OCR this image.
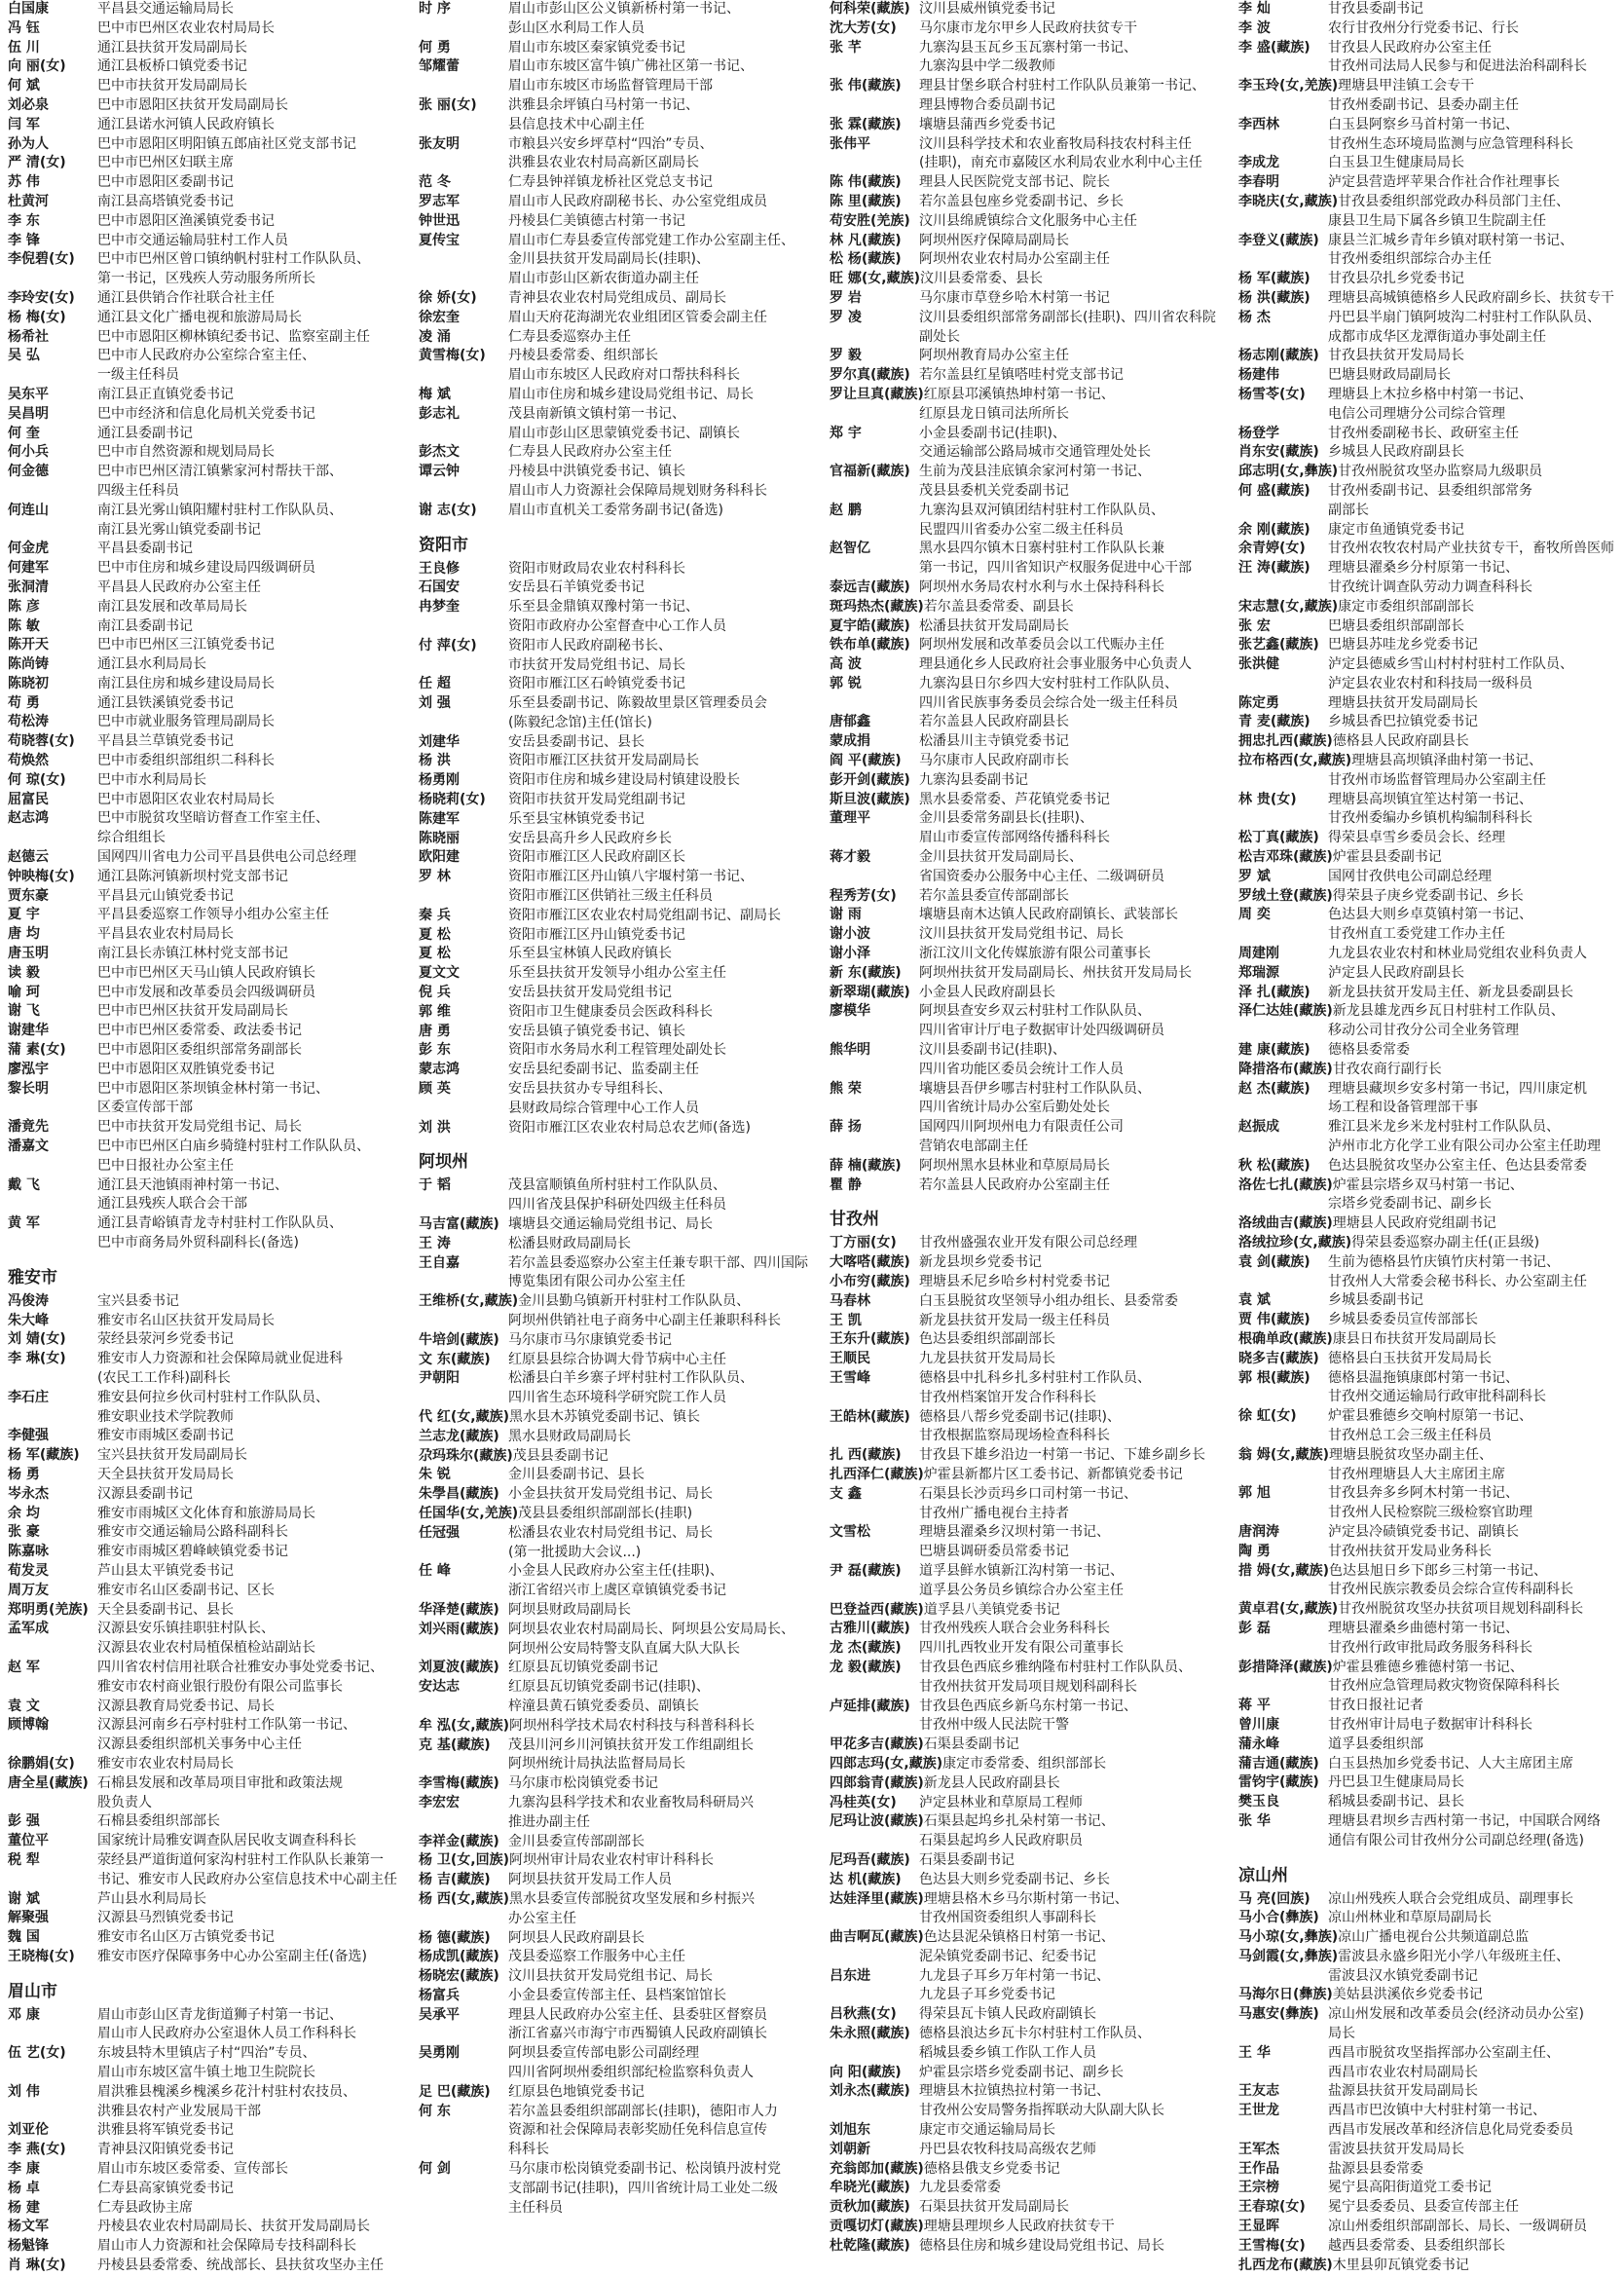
白国康	平昌县交通运输局局长
冯 钰	巴中市巴州区农业农村局局长
伍 川	通江县扶贫开发局副局长
向 丽(女)	通江县板桥口镇党委书记
何 斌	巴中市扶贫开发局副局长
刘必泉	巴中市恩阳区扶贫开发局副局长
闫 军	通江县诺水河镇人民政府镇长
孙为人	巴中市恩阳区明阳镇五郎庙社区党支部书记
严 清(女)	巴中市巴州区妇联主席
苏 伟	巴中市恩阳区委副书记
杜黄河	南江县高塔镇党委书记
李 东	巴中市恩阳区渔溪镇党委书记
李 锋	巴中市交通运输局驻村工作人员
李倪碧(女)	巴中市巴州区曾口镇纳帆村驻村工作队队员、
第一书记，区残疾人劳动服务所所长
李玲安(女)	通江县供销合作社联合社主任
杨 梅(女)	通江县文化广播电视和旅游局局长
杨希社	巴中市恩阳区柳林镇纪委书记、监察室副主任
吴 弘	巴中市人民政府办公室综合室主任、
一级主任科员
吴东平	南江县正直镇党委书记
吴昌明	巴中市经济和信息化局机关党委书记
何 奎	通江县委副书记
何小兵	巴中市自然资源和规划局局长
何金德	巴中市巴州区清江镇紫家河村帮扶干部、
四级主任科员
何连山	南江县光雾山镇阳耀村驻村工作队队员、
南江县光雾山镇党委副书记
何金虎	平昌县委副书记
何建军	巴中市住房和城乡建设局四级调研员
张洞清	平昌县人民政府办公室主任
陈 彦	南江县发展和改革局局长
陈 敏	南江县委副书记
陈开天	巴中市巴州区三江镇党委书记
陈尚铸	通江县水利局局长
陈晓初	南江县住房和城乡建设局局长
苟 勇	通江县铁溪镇党委书记
苟松涛	巴中市就业服务管理局副局长
苟晓蓉(女)	平昌县兰草镇党委书记
苟焕然	巴中市委组织部组织二科科长
何 琼(女)	巴中市水利局局长
屈富民	巴中市恩阳区农业农村局局长
赵志鸿	巴中市脱贫攻坚暗访督查工作室主任、
综合组组长
赵德云	国网四川省电力公司平昌县供电公司总经理
钟映梅(女)	通江县陈河镇新坝村党支部书记
贾东豪	平昌县元山镇党委书记
夏 宇	平昌县委巡察工作领导小组办公室主任
唐 均	平昌县农业农村局局长
唐玉明	南江县长赤镇江林村党支部书记
读 毅	巴中市巴州区天马山镇人民政府镇长
喻 珂	巴中市发展和改革委员会四级调研员
谢 飞	巴中市巴州区扶贫开发局副局长
谢建华	巴中市巴州区委常委、政法委书记
蒲 素(女)	巴中市恩阳区委组织部常务副部长
廖泓宇	巴中市恩阳区双胜镇党委书记
黎长明	巴中市恩阳区茶坝镇金林村第一书记、
区委宣传部干部
潘竟先	巴中市扶贫开发局党组书记、局长
潘嘉文	巴中市巴州区白庙乡骑缝村驻村工作队队员、
巴中日报社办公室主任
戴 飞	通江县天池镇雨神村第一书记、
通江县残疾人联合会干部
黄 军	通江县青峪镇青龙寺村驻村工作队队员、
巴中市商务局外贸科副科长(备选)
雅安市
冯俊涛	宝兴县委书记
朱大峰	雅安市名山区扶贫开发局局长
刘 婧(女)	荥经县荥河乡党委书记
李 琳(女)	雅安市人力资源和社会保障局就业促进科
(农民工工作科)副科长
李石庄	雅安县何拉乡伙司村驻村工作队队员、
雅安职业技术学院教师
李健强	雅安市雨城区委副书记
杨 军(藏族)	宝兴县扶贫开发局副局长
杨 勇	天全县扶贫开发局局长
岑永杰	汉源县委副书记
余 均	雅安市雨城区文化体育和旅游局局长
张 豪	雅安市交通运输局公路科副科长
陈嘉咏	雅安市雨城区碧峰峡镇党委书记
荀发灵	芦山县太平镇党委书记
周万友	雅安市名山区委副书记、区长
郑明勇(羌族) 天全县委副书记、县长
孟军成	汉源县安乐镇挂职驻村队长、
汉源县农业农村局植保植检站副站长
赵 军	四川省农村信用社联合社雅安办事处党委书记、
雅安市农村商业银行股份有限公司监事长
袁 文	汉源县教育局党委书记、局长
顾博翰	汉源县河南乡石亭村驻村工作队第一书记、
汉源县委组织部机关事务中心主任
徐鹏娟(女)	雅安市农业农村局局长
唐全星(藏族) 石棉县发展和改革局项目审批和政策法规
股负责人
彭 强	石棉县委组织部部长
董位平	国家统计局雅安调查队居民收支调查科科长
税 犁	荥经县严道街道何家沟村驻村工作队队长兼第一
书记、雅安市人民政府办公室信息技术中心副主任
谢 斌	芦山县水利局局长
解聚强	汉源县马烈镇党委书记
魏 国	雅安市名山区万古镇党委书记
王晓梅(女)	雅安市医疗保障事务中心办公室副主任(备选)
眉山市
邓 康	眉山市彭山区青龙街道狮子村第一书记、
眉山市人民政府办公室退休人员工作科科长
伍 艺(女)	东坡县特木里镇店子村“四治”专员、
眉山市东坡区富牛镇土地卫生院院长
刘 伟	眉洪雅县槐溪乡槐溪乡花汁村驻村农技员、
洪雅县农村产业发展局干部
刘亚伦	洪雅县将军镇党委书记
李 燕(女)	青神县汉阳镇党委书记
李 康	眉山市东坡区委常委、宣传部长
杨 卓	仁寿县高家镇党委书记
杨 建	仁寿县政协主席
杨文军	丹棱县农业农村局副局长、扶贫开发局副局长
杨魁锋	眉山市人力资源和社会保障局专技科副科长
肖 琳(女)	丹棱县县委常委、统战部长、县扶贫攻坚办主任
时 序	眉山市彭山区公义镇新桥村第一书记、
彭山区水利局工作人员
何 勇	眉山市东坡区秦家镇党委书记
邹耀蕾	眉山市东坡区富牛镇广佛社区第一书记、
眉山市东坡区市场监督管理局干部
张 丽(女)	洪雅县余坪镇白马村第一书记、
县信息技术中心副主任
张友明	市粮县兴安乡坪草村“四治”专员、
洪雅县农业农村局高新区副局长
范 冬	仁寿县钟祥镇龙桥社区党总支书记
罗志军	眉山市人民政府副秘书长、办公室党组成员
钟世迅	丹棱县仁美镇德古村第一书记
夏传宝	眉山市仁寿县委宣传部党建工作办公室副主任、
金川县扶贫开发局副局长(挂职)、
眉山市彭山区新农街道办副主任
徐 娇(女)	青神县农业农村局党组成员、副局长
徐宏奎	眉山天府花海湖光农业组团区管委会副主任
凌 涌	仁寿县委巡察办主任
黄雪梅(女)	丹棱县委常委、组织部长
眉山市东坡区人民政府对口帮扶科科长
梅 斌	眉山市住房和城乡建设局党组书记、局长
彭志礼	茂县南新镇文镇村第一书记、
眉山市彭山区思蒙镇党委书记、副镇长
彭杰文	仁寿县人民政府办公室主任
谭云钟	丹棱县中洪镇党委书记、镇长
眉山市人力资源社会保障局规划财务科科长
谢 志(女)	眉山市直机关工委常务副书记(备选)
资阳市
王良修	资阳市财政局农业农村科科长
石国安	安岳县石羊镇党委书记
冉梦奎	乐至县金鼎镇双豫村第一书记、
资阳市政府办公室督查中心工作人员
付 萍(女)	资阳市人民政府副秘书长、
市扶贫开发局党组书记、局长
任 超	资阳市雁江区石岭镇党委书记
刘 强	乐至县委副书记、陈毅故里景区管理委员会
(陈毅纪念馆)主任(馆长)
刘建华	安岳县委副书记、县长
杨 洪	资阳市雁江区扶贫开发局副局长
杨勇刚	资阳市住房和城乡建设局村镇建设股长
杨晓莉(女)	资阳市扶贫开发局党组副书记
陈建军	乐至县宝林镇党委书记
陈晓丽	安岳县高升乡人民政府乡长
欧阳建	资阳市雁江区人民政府副区长
罗 林	资阳市雁江区丹山镇八宇堰村第一书记、
资阳市雁江区供销社三级主任科员
秦 兵	资阳市雁江区农业农村局党组副书记、副局长
夏 松	资阳市雁江区丹山镇党委书记
夏 松	乐至县宝林镇人民政府镇长
夏文文	乐至县扶贫开发领导小组办公室主任
倪 兵	安岳县扶贫开发局党组书记
郭 维	资阳市卫生健康委员会医政科科长
唐 勇	安岳县镇子镇党委书记、镇长
彭 东	资阳市水务局水利工程管理处副处长
蒙志鸿	安岳县纪委副书记、监委副主任
顾 英	安岳县扶贫办专导组科长、
县财政局综合管理中心工作人员
刘 洪	资阳市雁江区农业农村局总农艺师(备选)
阿坝州
于 韬	茂县富顺镇鱼所村驻村工作队队员、
四川省茂县保护科研处四级主任科员
马吉富(藏族) 壤塘县交通运输局党组书记、局长
王 涛	松潘县财政局副局长
王自嘉	若尔盖县委巡察办公室主任兼专职干部、四川国际
博览集团有限公司办公室主任
王维桥(女,藏族) 金川县勤乌镇新开村驻村工作队队员、
阿坝州供销社电子商务中心副主任兼职科科长
牛培剑(藏族) 马尔康市马尔康镇党委书记
文 东(藏族)	红原县县综合协调大骨节病中心主任
尹朝阳	松潘县白羊乡寨子坪村驻村工作队队员、
四川省生态环境科学研究院工作人员
代 红(女,藏族) 黑水县木苏镇党委副书记、镇长
兰志龙(藏族) 黑水县财政局副局长
尕玛珠尔(藏族) 茂县县委副书记
朱 锐	金川县委副书记、县长
朱學昌(藏族) 小金县扶贫开发局党组书记、局长
任国华(女,羌族) 茂县县委组织部副部长(挂职)
任冠强	松潘县农业农村局党组书记、局长
(第一批援助大会议...)
任 峰	小金县人民政府办公室主任(挂职)、
浙江省绍兴市上虞区章镇镇党委书记
华泽楚(藏族) 阿坝县财政局副局长
刘兴雨(藏族) 阿坝县农业农村局副局长、阿坝县公安局局长、
阿坝州公安局特警支队直属大队大队长
刘夏波(藏族) 红原县瓦切镇党委副书记
安达志	红原县瓦切镇党委副书记(挂职)、
梓潼县黄石镇党委委员、副镇长
牟 泓(女,藏族) 阿坝州科学技术局农村科技与科普科科长
克 基(藏族)	茂县川河乡川河镇扶贫开发工作组副组长
阿坝州统计局执法监督局局长
李雪梅(藏族) 马尔康市松岗镇党委书记
李宏宏	九寨沟县科学技术和农业畜牧局科研局兴
推进办副主任
李祥金(藏族) 金川县委宣传部副部长
杨 卫(女,回族) 阿坝州审计局农业农村审计科科长
杨 吉(藏族)	阿坝县扶贫开发局工作人员
杨 西(女,藏族) 黑水县委宣传部脱贫攻坚发展和乡村振兴
办公室主任
杨 德(藏族)	阿坝县人民政府副县长
杨成凯(藏族) 茂县委巡察工作服务中心主任
杨晓宏(藏族) 汶川县扶贫开发局党组书记、局长
杨富兵	小金县委宣传部主任、县档案馆馆长
吴承平	理县人民政府办公室主任、县委驻区督察员
浙江省嘉兴市海宁市西蜀镇人民政府副镇长
吴勇刚	阿坝县委宣传部电影公司副经理
四川省阿坝州委组织部纪检监察科负责人
足 巴(藏族)	红原县色地镇党委书记
何 东	若尔盖县委组织部副部长(挂职)，德阳市人力
资源和社会保障局表彰奖励任免科信息宣传
科科长
何 剑	马尔康市松岗镇党委副书记、松岗镇丹波村党
支部副书记(挂职)，四川省统计局工业处二级
主任科员
何科荣(藏族) 汶川县威州镇党委书记
沈大芳(女)	马尔康市龙尔甲乡人民政府扶贫专干
张 芊	九寨沟县玉瓦乡玉瓦寨村第一书记、
九寨沟县中学二级教师
张 伟(藏族)	理县甘堡乡联合村驻村工作队队员兼第一书记、
理县博物合委员副书记
张 霖(藏族)	壤塘县蒲西乡党委书记
张伟平	汶川县科学技术和农业畜牧局科技农村科主任
(挂职)，南充市嘉陵区水利局农业水利中心主任
陈 伟(藏族)	理县人民医院党支部书记、院长
陈 里(藏族)	若尔盖县包座乡党委副书记、乡长
苟安胜(羌族) 汶川县绵虒镇综合文化服务中心主任
林 凡(藏族)	阿坝州医疗保障局副局长
松 杨(藏族)	阿坝州农业农村局办公室副主任
旺 娜(女,藏族) 汶川县委常委、县长
罗 岩	马尔康市草登乡哈木村第一书记
罗 凌	汶川县委组织部常务副部长(挂职)、四川省农科院
副处长
罗 毅	阿坝州教育局办公室主任
罗尔真(藏族) 若尔盖县红星镇嗒哇村党支部书记
罗让旦真(藏族) 红原县邛溪镇热坤村第一书记、
红原县龙日镇司法所所长
郑 宇	小金县委副书记(挂职)、
交通运输部公路局城市交通管理处处长
官福新(藏族) 生前为茂县洼底镇余家河村第一书记、
茂县县委机关党委副书记
赵 鹏	九寨沟县双河镇团结村驻村工作队队员、
民盟四川省委办公室二级主任科员
赵智亿	黑水县四尔镇木日寨村驻村工作队队长兼
第一书记，四川省知识产权服务促进中心干部
泰远吉(藏族) 阿坝州水务局农村水利与水土保持科科长
斑玛热杰(藏族) 若尔盖县委常委、副县长
夏宇皓(藏族) 松潘县扶贫开发局副局长
铁布单(藏族) 阿坝州发展和改革委员会以工代赈办主任
高 波	理县通化乡人民政府社会事业服务中心负责人
郭 锐	九寨沟县日尔乡四大安村驻村工作队队员、
四川省民族事务委员会综合处一级主任科员
唐郁鑫	若尔盖县人民政府副县长
蒙成捐	松潘县川主寺镇党委书记
阎 平(藏族)	马尔康市人民政府副市长
彭开剑(藏族) 九寨沟县委副书记
斯旦波(藏族) 黑水县委常委、芦花镇党委书记
董理平	金川县委常务副县长(挂职)、
眉山市委宣传部网络传播科科长
蒋才毅	金川县扶贫开发局副局长、
省国资委办公服务中心主任、二级调研员
程秀芳(女)	若尔盖县委宣传部副部长
谢 雨	壤塘县南木达镇人民政府副镇长、武装部长
谢小波	汶川县扶贫开发局党组书记、局长
谢小泽	浙江汶川文化传媒旅游有限公司董事长
新 东(藏族)	阿坝州扶贫开发局副局长、州扶贫开发局局长
新翠瑚(藏族) 小金县人民政府副县长
廖模华	阿坝县查安乡双云村驻村工作队队员、
四川省审计厅电子数据审计处四级调研员
熊华明	汶川县委副书记(挂职)、
四川省功能区委员会统计工作人员
熊 荣	壤塘县吾伊乡哪吉村驻村工作队队员、
四川省统计局办公室后勤处处长
薛 扬	国网四川阿坝州电力有限责任公司
营销农电部副主任
薛 楠(藏族)	阿坝州黑水县林业和草原局局长
瞿 静	若尔盖县人民政府办公室副主任
甘孜州
丁方丽(女)	甘孜州盛强农业开发有限公司总经理
大喀嗒(藏族) 新龙县坝乡党委书记
小布穷(藏族) 理塘县禾尼乡哈乡村村党委书记
马春林	白玉县脱贫攻坚领导小组办组长、县委常委
王 凯	新龙县扶贫开发局一级主任科员
王东升(藏族) 色达县委组织部副部长
王顺民	九龙县扶贫开发局局长
王雪峰	德格县中扎科乡扎多村驻村工作队员、
甘孜州档案馆开发合作科科长
王皓林(藏族) 德格县八帮乡党委副书记(挂职)、
甘孜根据监察局现场检查科科长
扎 西(藏族)	甘孜县下雄乡沿边一村第一书记、下雄乡副乡长
扎西泽仁(藏族) 炉霍县新都片区工委书记、新都镇党委书记
支 鑫	石渠县长沙贡玛乡口司村第一书记、
甘孜州广播电视台主持者
文雪松	理塘县濯桑乡汉坝村第一书记、
巴塘县调研委员常委书记
尹 磊(藏族)	道孚县鲜水镇新江沟村第一书记、
道孚县公务员乡镇综合办公室主任
巴登益西(藏族) 道孚县八美镇党委书记
古雅川(藏族) 甘孜州残疾人联合会业务科科长
龙 杰(藏族)	四川扎西牧业开发有限公司董事长
龙 毅(藏族)	甘孜县色西底乡雅纳隆布村驻村工作队队员、
甘孜州扶贫开发局项目规划科副科长
卢延排(藏族) 甘孜县色西底乡新乌东村第一书记、
甘孜州中级人民法院干警
甲花多吉(藏族) 石渠县委副书记
四郎志玛(女,藏族) 康定市委常委、组织部部长
四郎翁青(藏族) 新龙县人民政府副县长
冯桂英(女)	泸定县林业和草原局工程师
尼玛让波(藏族) 石渠县起坞乡扎朵村第一书记、
石渠县起坞乡人民政府职员
尼玛吾(藏族) 石渠县委副书记
达 机(藏族)	色达县大则乡党委副书记、乡长
达娃泽里(藏族) 理塘县格木乡马尔斯村第一书记、
甘孜州国资委组织人事副科长
曲吉啊瓦(藏族) 色达县泥朵镇格日村第一书记、
泥朵镇党委副书记、纪委书记
吕东进	九龙县子耳乡万年村第一书记、
九龙县子耳乡党委书记
吕秋燕(女)	得荣县瓦卡镇人民政府副镇长
朱永照(藏族) 德格县浪达乡瓦卡尔村驻村工作队员、
稻城县委乡镇工作队工作人员
向 阳(藏族)	炉霍县宗塔乡党委副书记、副乡长
刘永杰(藏族) 理塘县木拉镇热拉村第一书记、
甘孜州公安局警务指挥联动大队副大队长
刘旭东	康定市交通运输局局长
刘朝新	丹巴县农牧科技局高级农艺师
充翁郎加(藏族) 德格县俄支乡党委书记
牟晓光(藏族) 九龙县委常委
贡秋加(藏族) 石渠县扶贫开发局副局长
贡嘎切灯(藏族) 理塘县理坝乡人民政府扶贫专干
杜乾隆(藏族) 德格县住房和城乡建设局党组书记、局长
李 灿	甘孜县委副书记
李 波	农行甘孜州分行党委书记、行长
李 盛(藏族)	甘孜县人民政府办公室主任
甘孜州司法局人民参与和促进法治科副科长
李玉玲(女,羌族) 理塘县甲洼镇工会专干
甘孜州委副书记、县委办副主任
李西林	白玉县阿察乡马首村第一书记、
甘孜州生态环境局监测与应急管理科科长
李成龙	白玉县卫生健康局局长
李春明	泸定县营造坪苹果合作社合作社理事长
李晓庆(女,藏族) 甘孜县委组织部党政办科员部门主任、
康县卫生局下属各乡镇卫生院副主任
李登义(藏族) 康县兰汇城乡青年乡镇对联村第一书记、
甘孜州委组织部综合办主任
杨 军(藏族)	甘孜县尕扎乡党委书记
杨 洪(藏族)	理塘县高城镇德格乡人民政府副乡长、扶贫专干
杨 杰	丹巴县半扇门镇阿坡沟二村驻村工作队队员、
成都市成华区龙潭街道办事处副主任
杨志刚(藏族) 甘孜县扶贫开发局局长
杨建伟	巴塘县财政局副局长
杨雪苓(女)	理塘县上木拉乡格中村第一书记、
电信公司理塘分公司综合管理
杨登学	甘孜州委副秘书长、政研室主任
肖东安(藏族) 乡城县人民政府副县长
邱志明(女,彝族) 甘孜州脱贫攻坚办监察局九级职员
何 盛(藏族)	甘孜州委副书记、县委组织部常务
副部长
余 刚(藏族)	康定市鱼通镇党委书记
余青婷(女)	甘孜州农牧农村局产业扶贫专干，畜牧所兽医师
汪 涛(藏族)	理塘县濯桑乡分村原第一书记、
甘孜统计调查队劳动力调查科科长
宋志慧(女,藏族) 康定市委组织部副部长
张 宏	巴塘县委组织部副部长
张艺鑫(藏族) 巴塘县苏哇龙乡党委书记
张洪健	泸定县德威乡雪山村村村驻村工作队员、
泸定县农业农村和科技局一级科员
陈定勇	理塘县扶贫开发局副局长
青 麦(藏族)	乡城县香巴拉镇党委书记
拥忠扎西(藏族) 德格县人民政府副县长
拉布格西(女,藏族) 理塘县高坝镇泽曲村第一书记、
甘孜州市场监督管理局办公室副主任
林 贵(女)	理塘县高坝镇宜笙达村第一书记、
甘孜州委编办乡镇机构编制科科长
松丁真(藏族) 得荣县卓雪乡委员会长、经理
松吉邓珠(藏族) 炉霍县县委副书记
罗 斌	国网甘孜供电公司副总经理
罗绒土登(藏族) 得荣县子庚乡党委副书记、乡长
周 奕	色达县大则乡卓莫镇村第一书记、
甘孜州直工委党建工作办主任
周建刚	九龙县农业农村和林业局党组农业科负责人
郑瑞源	泸定县人民政府副县长
泽 扎(藏族)	新龙县扶贫开发局主任、新龙县委副县长
泽仁达娃(藏族) 新龙县雄龙西乡瓦日村驻村工作队员、
移动公司甘孜分公司全业务管理
建 康(藏族)	德格县委常委
降措洛布(藏族) 甘孜农商行副行长
赵 杰(藏族)	理塘县藏坝乡安多村第一书记，四川康定机
场工程和设备管理部干事
赵振成	雅江县米龙乡米龙村驻村工作队队员、
泸州市北方化学工业有限公司办公室主任助理
秋 松(藏族)	色达县脱贫攻坚办公室主任、色达县委常委
洛佐七扎(藏族) 炉霍县宗塔乡双马村第一书记、
宗塔乡党委副书记、副乡长
洛绒曲吉(藏族) 理塘县人民政府党组副书记
洛绒拉珍(女,藏族) 得荣县委巡察办副主任(正县级)
袁 剑(藏族)	生前为德格县竹庆镇竹庆村第一书记、
甘孜州人大常委会秘书科长、办公室副主任
袁 斌	乡城县委副书记
贾 伟(藏族)	乡城县委委员宣传部部长
根确单政(藏族) 康县日布扶贫开发局副局长
晓多吉(藏族) 德格县白玉扶贫开发局局长
郭 根(藏族)	德格县温拖镇康郎村第一书记、
甘孜州交通运输局行政审批科副科长
徐 虹(女)	炉霍县雅德乡交响村原第一书记、
甘孜州总工会三级主任科员
翁 姆(女,藏族) 理塘县脱贫攻坚办副主任、
甘孜州理塘县人大主席团主席
郭 旭	甘孜县奔多乡阿木村第一书记、
甘孜州人民检察院三级检察官助理
唐润涛	泸定县冷碛镇党委书记、副镇长
陶 勇	甘孜州扶贫开发局业务科长
措 姆(女,藏族) 色达县旭日乡下郎乡三村第一书记、
甘孜州民族宗教委员会综合宣传科副科长
黄卓君(女,藏族) 甘孜州脱贫攻坚办扶贫项目规划科副科长
彭 磊	理塘县濯桑乡曲德村第一书记、
甘孜州行政审批局政务服务科科长
彭措降泽(藏族) 炉霍县雅德乡雅德村第一书记、
甘孜州应急管理局救灾物资保障科科长
蒋 平	甘孜日报社记者
曾川康	甘孜州审计局电子数据审计科科长
蒲永峰	道孚县委组织部
蒲吉通(藏族) 白玉县热加乡党委书记、人大主席团主席
雷钧宇(藏族) 丹巴县卫生健康局局长
樊玉良	稻城县委副书记、县长
张 华	理塘县君坝乡吉西村第一书记，中国联合网络
通信有限公司甘孜州分公司副总经理(备选)
凉山州
马 亮(回族)	凉山州残疾人联合会党组成员、副理事长
马小合(彝族) 凉山州林业和草原局副局长
马小琼(女,彝族) 凉山广播电视台公共频道副总监
马剑霞(女,彝族) 雷波县永盛乡阳光小学八年级班主任、
雷波县汉水镇党委副书记
马海尔日(彝族) 美姑县洪溪依乡党委书记
马惠安(彝族) 凉山州发展和改革委员会(经济动员办公室)
局长
王 华	西昌市脱贫攻坚指挥部办公室副主任、
西昌市农业农村局副局长
王友志	盐源县扶贫开发局副局长
王世龙	西昌市巴汝镇中大村驻村第一书记、
西昌市发展改革和经济信息化局党委委员
王军杰	雷波县扶贫开发局局长
王作品	盐源县县委常委
王宗榜	冕宁县高阳街道党工委书记
王春琼(女)	冕宁县委委员、县委宣传部主任
王显晖	凉山州委组织部副部长、局长、一级调研员
王雪梅(女)	越西县委常委、县委组织部长
扎西龙布(藏族) 木里县卯瓦镇党委书记
